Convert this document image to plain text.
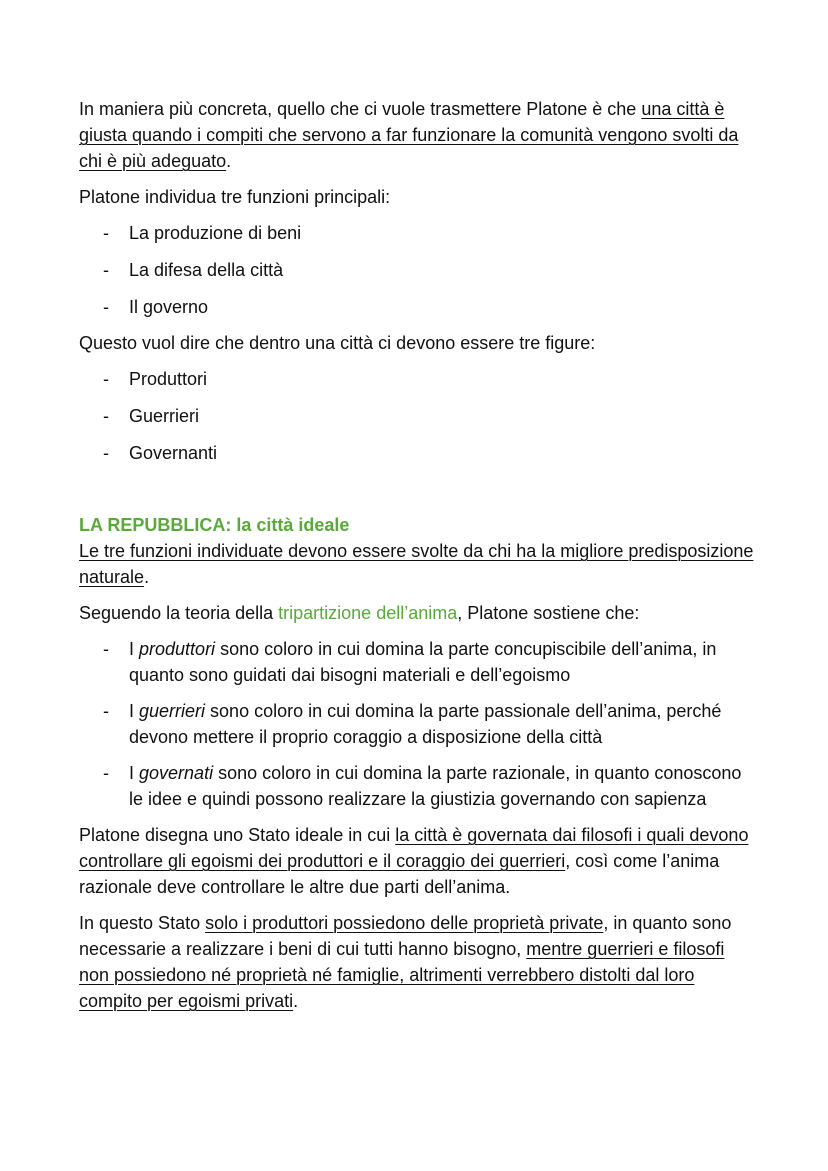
In maniera più concreta, quello che ci vuole trasmettere Platone è che una città è giusta quando i compiti che servono a far funzionare la comunità vengono svolti da chi è più adeguato.

Platone individua tre funzioni principali:

- La produzione di beni
- La difesa della città
- Il governo

Questo vuol dire che dentro una città ci devono essere tre figure:

- Produttori
- Guerrieri
- Governanti

LA REPUBBLICA: la città ideale

Le tre funzioni individuate devono essere svolte da chi ha la migliore predisposizione naturale.

Seguendo la teoria della tripartizione dell’anima, Platone sostiene che:

- I produttori sono coloro in cui domina la parte concupiscibile dell’anima, in quanto sono guidati dai bisogni materiali e dell’egoismo
- I guerrieri sono coloro in cui domina la parte passionale dell’anima, perché devono mettere il proprio coraggio a disposizione della città
- I governati sono coloro in cui domina la parte razionale, in quanto conoscono le idee e quindi possono realizzare la giustizia governando con sapienza

Platone disegna uno Stato ideale in cui la città è governata dai filosofi i quali devono controllare gli egoismi dei produttori e il coraggio dei guerrieri, così come l’anima razionale deve controllare le altre due parti dell’anima.

In questo Stato solo i produttori possiedono delle proprietà private, in quanto sono necessarie a realizzare i beni di cui tutti hanno bisogno, mentre guerrieri e filosofi non possiedono né proprietà né famiglie, altrimenti verrebbero distolti dal loro compito per egoismi privati.
